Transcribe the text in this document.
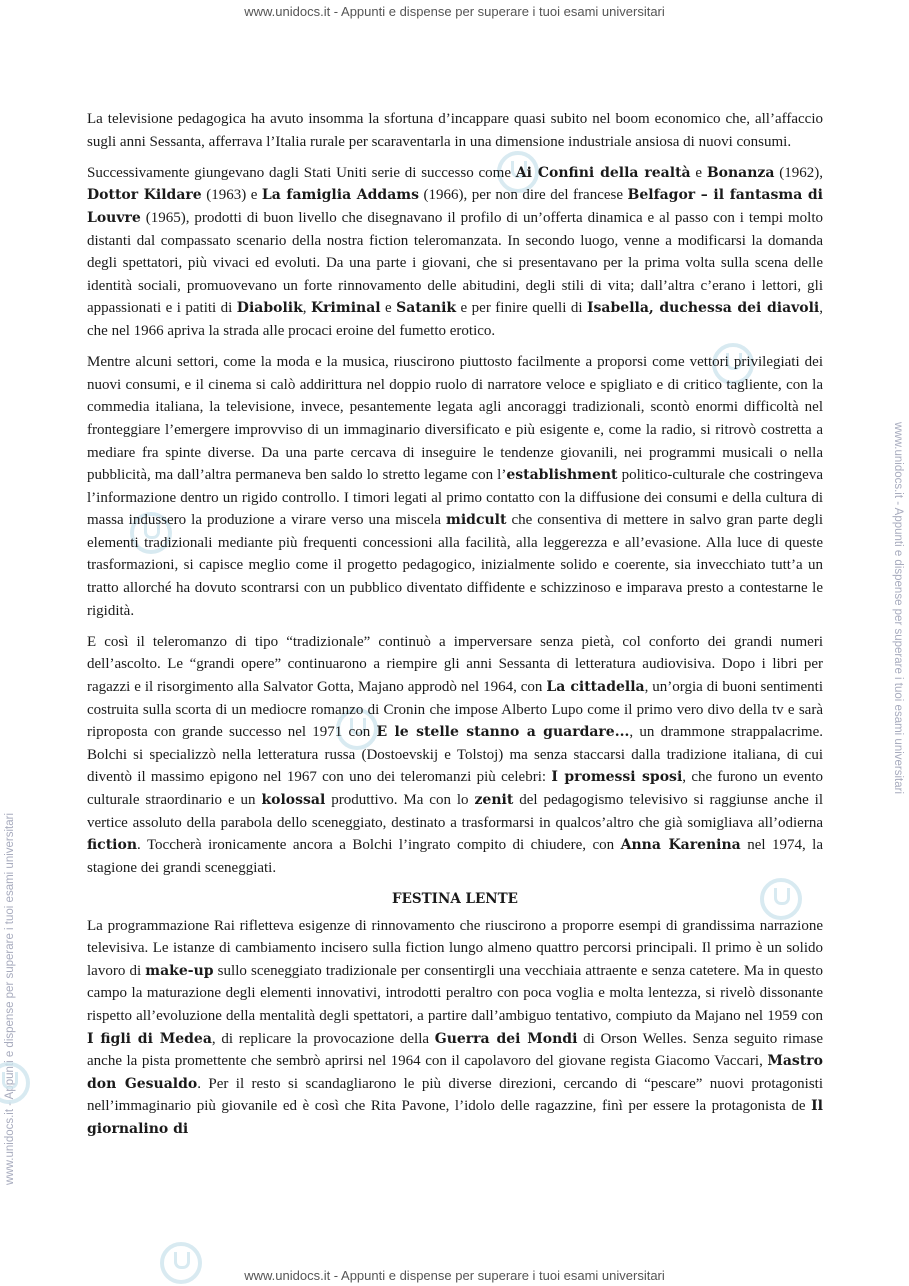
www.unidocs.it - Appunti e dispense per superare i tuoi esami universitari
www.unidocs.it - Appunti e dispense per superare i tuoi esami universitari
www.unidocs.it - Appunti e dispense per superare i tuoi esami universitari

La televisione pedagogica ha avuto insomma la sfortuna d’incappare quasi subito nel boom economico che, all’affaccio sugli anni Sessanta, afferrava l’Italia rurale per scaraventarla in una dimensione industriale ansiosa di nuovi consumi.

Successivamente giungevano dagli Stati Uniti serie di successo come Ai Confini della realtà e Bonanza (1962), Dottor Kildare (1963) e La famiglia Addams (1966), per non dire del francese Belfagor – il fantasma di Louvre (1965), prodotti di buon livello che disegnavano il profilo di un’offerta dinamica e al passo con i tempi molto distanti dal compassato scenario della nostra fiction teleromanzata. In secondo luogo, venne a modificarsi la domanda degli spettatori, più vivaci ed evoluti. Da una parte i giovani, che si presentavano per la prima volta sulla scena delle identità sociali, promuovevano un forte rinnovamento delle abitudini, degli stili di vita; dall’altra c’erano i lettori, gli appassionati e i patiti di Diabolik, Kriminal e Satanik e per finire quelli di Isabella, duchessa dei diavoli, che nel 1966 apriva la strada alle procaci eroine del fumetto erotico.

Mentre alcuni settori, come la moda e la musica, riuscirono piuttosto facilmente a proporsi come vettori privilegiati dei nuovi consumi, e il cinema si calò addirittura nel doppio ruolo di narratore veloce e spigliato e di critico tagliente, con la commedia italiana, la televisione, invece, pesantemente legata agli ancoraggi tradizionali, scontò enormi difficoltà nel fronteggiare l’emergere improvviso di un immaginario diversificato e più esigente e, come la radio, si ritrovò costretta a mediare fra spinte diverse. Da una parte cercava di inseguire le tendenze giovanili, nei programmi musicali o nella pubblicità, ma dall’altra permaneva ben saldo lo stretto legame con l’establishment politico-culturale che costringeva l’informazione dentro un rigido controllo. I timori legati al primo contatto con la diffusione dei consumi e della cultura di massa indussero la produzione a virare verso una miscela midcult che consentiva di mettere in salvo gran parte degli elementi tradizionali mediante più frequenti concessioni alla facilità, alla leggerezza e all’evasione. Alla luce di queste trasformazioni, si capisce meglio come il progetto pedagogico, inizialmente solido e coerente, sia invecchiato tutt’a un tratto allorché ha dovuto scontrarsi con un pubblico diventato diffidente e schizzinoso e imparava presto a contestarne le rigidità.

E così il teleromanzo di tipo “tradizionale” continuò a imperversare senza pietà, col conforto dei grandi numeri dell’ascolto. Le “grandi opere” continuarono a riempire gli anni Sessanta di letteratura audiovisiva. Dopo i libri per ragazzi e il risorgimento alla Salvator Gotta, Majano approdò nel 1964, con La cittadella, un’orgia di buoni sentimenti costruita sulla scorta di un mediocre romanzo di Cronin che impose Alberto Lupo come il primo vero divo della tv e sarà riproposta con grande successo nel 1971 con E le stelle stanno a guardare..., un drammone strappalacrime. Bolchi si specializzò nella letteratura russa (Dostoevskij e Tolstoj) ma senza staccarsi dalla tradizione italiana, di cui diventò il massimo epigono nel 1967 con uno dei teleromanzi più celebri: I promessi sposi, che furono un evento culturale straordinario e un kolossal produttivo. Ma con lo zenit del pedagogismo televisivo si raggiunse anche il vertice assoluto della parabola dello sceneggiato, destinato a trasformarsi in qualcos’altro che già somigliava all’odierna fiction. Toccherà ironicamente ancora a Bolchi l’ingrato compito di chiudere, con Anna Karenina nel 1974, la stagione dei grandi sceneggiati.

FESTINA LENTE

La programmazione Rai rifletteva esigenze di rinnovamento che riuscirono a proporre esempi di grandissima narrazione televisiva. Le istanze di cambiamento incisero sulla fiction lungo almeno quattro percorsi principali. Il primo è un solido lavoro di make-up sullo sceneggiato tradizionale per consentirgli una vecchiaia attraente e senza catetere. Ma in questo campo la maturazione degli elementi innovativi, introdotti peraltro con poca voglia e molta lentezza, si rivelò dissonante rispetto all’evoluzione della mentalità degli spettatori, a partire dall’ambiguo tentativo, compiuto da Majano nel 1959 con I figli di Medea, di replicare la provocazione della Guerra dei Mondi di Orson Welles. Senza seguito rimase anche la pista promettente che sembrò aprirsi nel 1964 con il capolavoro del giovane regista Giacomo Vaccari, Mastro don Gesualdo. Per il resto si scandagliarono le più diverse direzioni, cercando di “pescare” nuovi protagonisti nell’immaginario più giovanile ed è così che Rita Pavone, l’idolo delle ragazzine, finì per essere la protagonista de Il giornalino di

www.unidocs.it - Appunti e dispense per superare i tuoi esami universitari
